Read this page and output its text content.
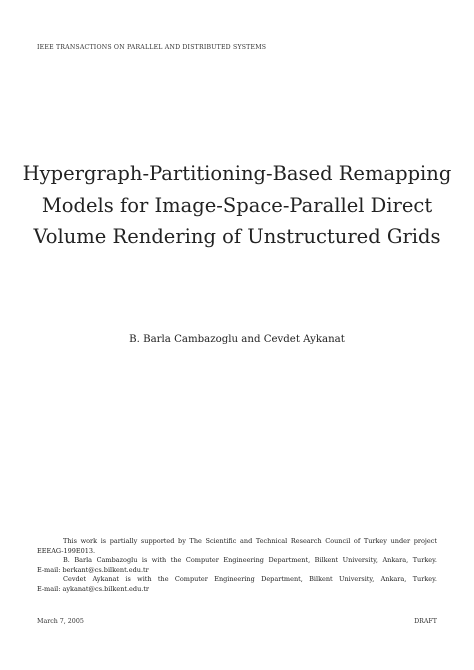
IEEE TRANSACTIONS ON PARALLEL AND DISTRIBUTED SYSTEMS
Hypergraph-Partitioning-Based Remapping
Models for Image-Space-Parallel Direct
Volume Rendering of Unstructured Grids
B. Barla Cambazoglu and Cevdet Aykanat
This work is partially supported by The Scientific and Technical Research Council of Turkey under project
EEEAG-199E013.
B. Barla Cambazoglu is with the Computer Engineering Department, Bilkent University, Ankara, Turkey.
E-mail: berkant@cs.bilkent.edu.tr
Cevdet Aykanat is with the Computer Engineering Department, Bilkent University, Ankara, Turkey.
E-mail: aykanat@cs.bilkent.edu.tr
March 7, 2005	DRAFT
